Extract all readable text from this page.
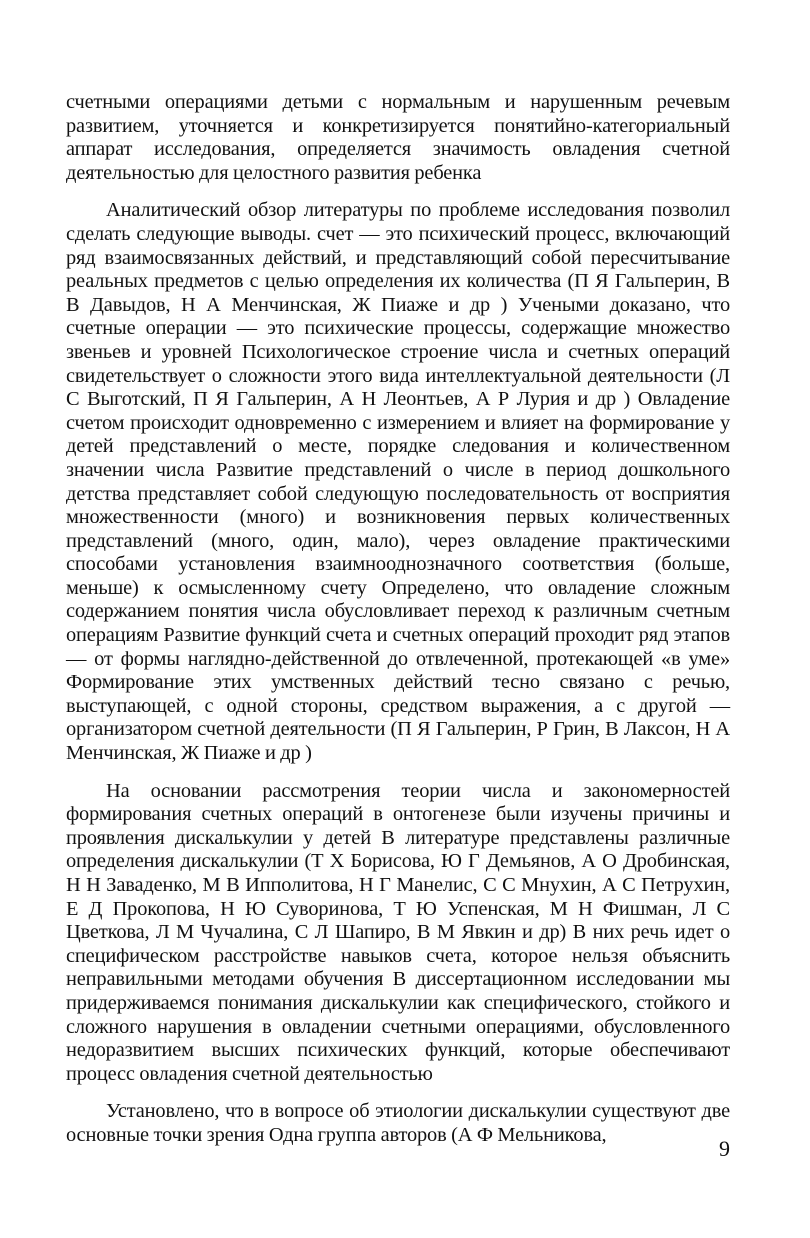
счетными операциями детьми с нормальным и нарушенным речевым развитием, уточняется и конкретизируется понятийно-категориальный аппарат исследования, определяется значимость овладения счетной деятельностью для целостного развития ребенка

Аналитический обзор литературы по проблеме исследования позволил сделать следующие выводы. счет — это психический процесс, включающий ряд взаимосвязанных действий, и представляющий собой пересчитывание реальных предметов с целью определения их количества (П Я Гальперин, В В Давыдов, Н А Менчинская, Ж Пиаже и др ) Учеными доказано, что счетные операции — это психические процессы, содержащие множество звеньев и уровней Психологическое строение числа и счетных операций свидетельствует о сложности этого вида интеллектуальной деятельности (Л С Выготский, П Я Гальперин, А Н Леонтьев, А Р Лурия и др ) Овладение счетом происходит одновременно с измерением и влияет на формирование у детей представлений о месте, порядке следования и количественном значении числа Развитие представлений о числе в период дошкольного детства представляет собой следующую последовательность от восприятия множественности (много) и возникновения первых количественных представлений (много, один, мало), через овладение практическими способами установления взаимнооднозначного соответствия (больше, меньше) к осмысленному счету Определено, что овладение сложным содержанием понятия числа обусловливает переход к различным счетным операциям Развитие функций счета и счетных операций проходит ряд этапов — от формы наглядно-действенной до отвлеченной, протекающей «в уме» Формирование этих умственных действий тесно связано с речью, выступающей, с одной стороны, средством выражения, а с другой — организатором счетной деятельности (П Я Гальперин, Р Грин, В Лаксон, Н А Менчинская, Ж Пиаже и др )

На основании рассмотрения теории числа и закономерностей формирования счетных операций в онтогенезе были изучены причины и проявления дискалькулии у детей В литературе представлены различные определения дискалькулии (Т Х Борисова, Ю Г Демьянов, А О Дробинская, Н Н Заваденко, М В Ипполитова, Н Г Манелис, С С Мнухин, А С Петрухин, Е Д Прокопова, Н Ю Суворинова, Т Ю Успенская, М Н Фишман, Л С Цветкова, Л М Чучалина, С Л Шапиро, В М Явкин и др) В них речь идет о специфическом расстройстве навыков счета, которое нельзя объяснить неправильными методами обучения В диссертационном исследовании мы придерживаемся понимания дискалькулии как специфического, стойкого и сложного нарушения в овладении счетными операциями, обусловленного недоразвитием высших психических функций, которые обеспечивают процесс овладения счетной деятельностью

Установлено, что в вопросе об этиологии дискалькулии существуют две основные точки зрения Одна группа авторов (А Ф Мельникова,

9
